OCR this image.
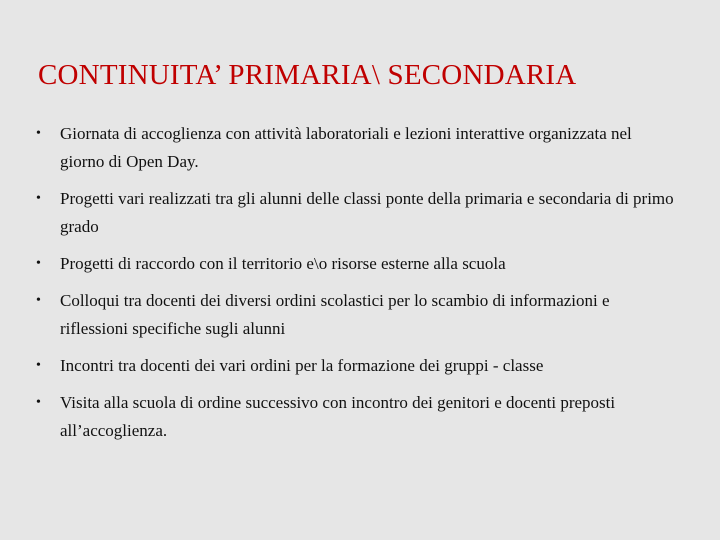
CONTINUITA’ PRIMARIA\ SECONDARIA
•	Giornata di accoglienza con attività laboratoriali e lezioni interattive organizzata nel giorno di Open Day.
•	Progetti vari realizzati tra gli alunni delle classi ponte della primaria e secondaria di primo grado
•	Progetti di raccordo con il territorio e\o risorse esterne alla scuola
•	Colloqui tra docenti dei diversi ordini scolastici per lo scambio di informazioni e riflessioni specifiche sugli alunni
•	Incontri tra docenti dei vari ordini per la formazione dei gruppi - classe
•	Visita alla scuola di ordine successivo con incontro dei genitori e docenti preposti all’accoglienza.
